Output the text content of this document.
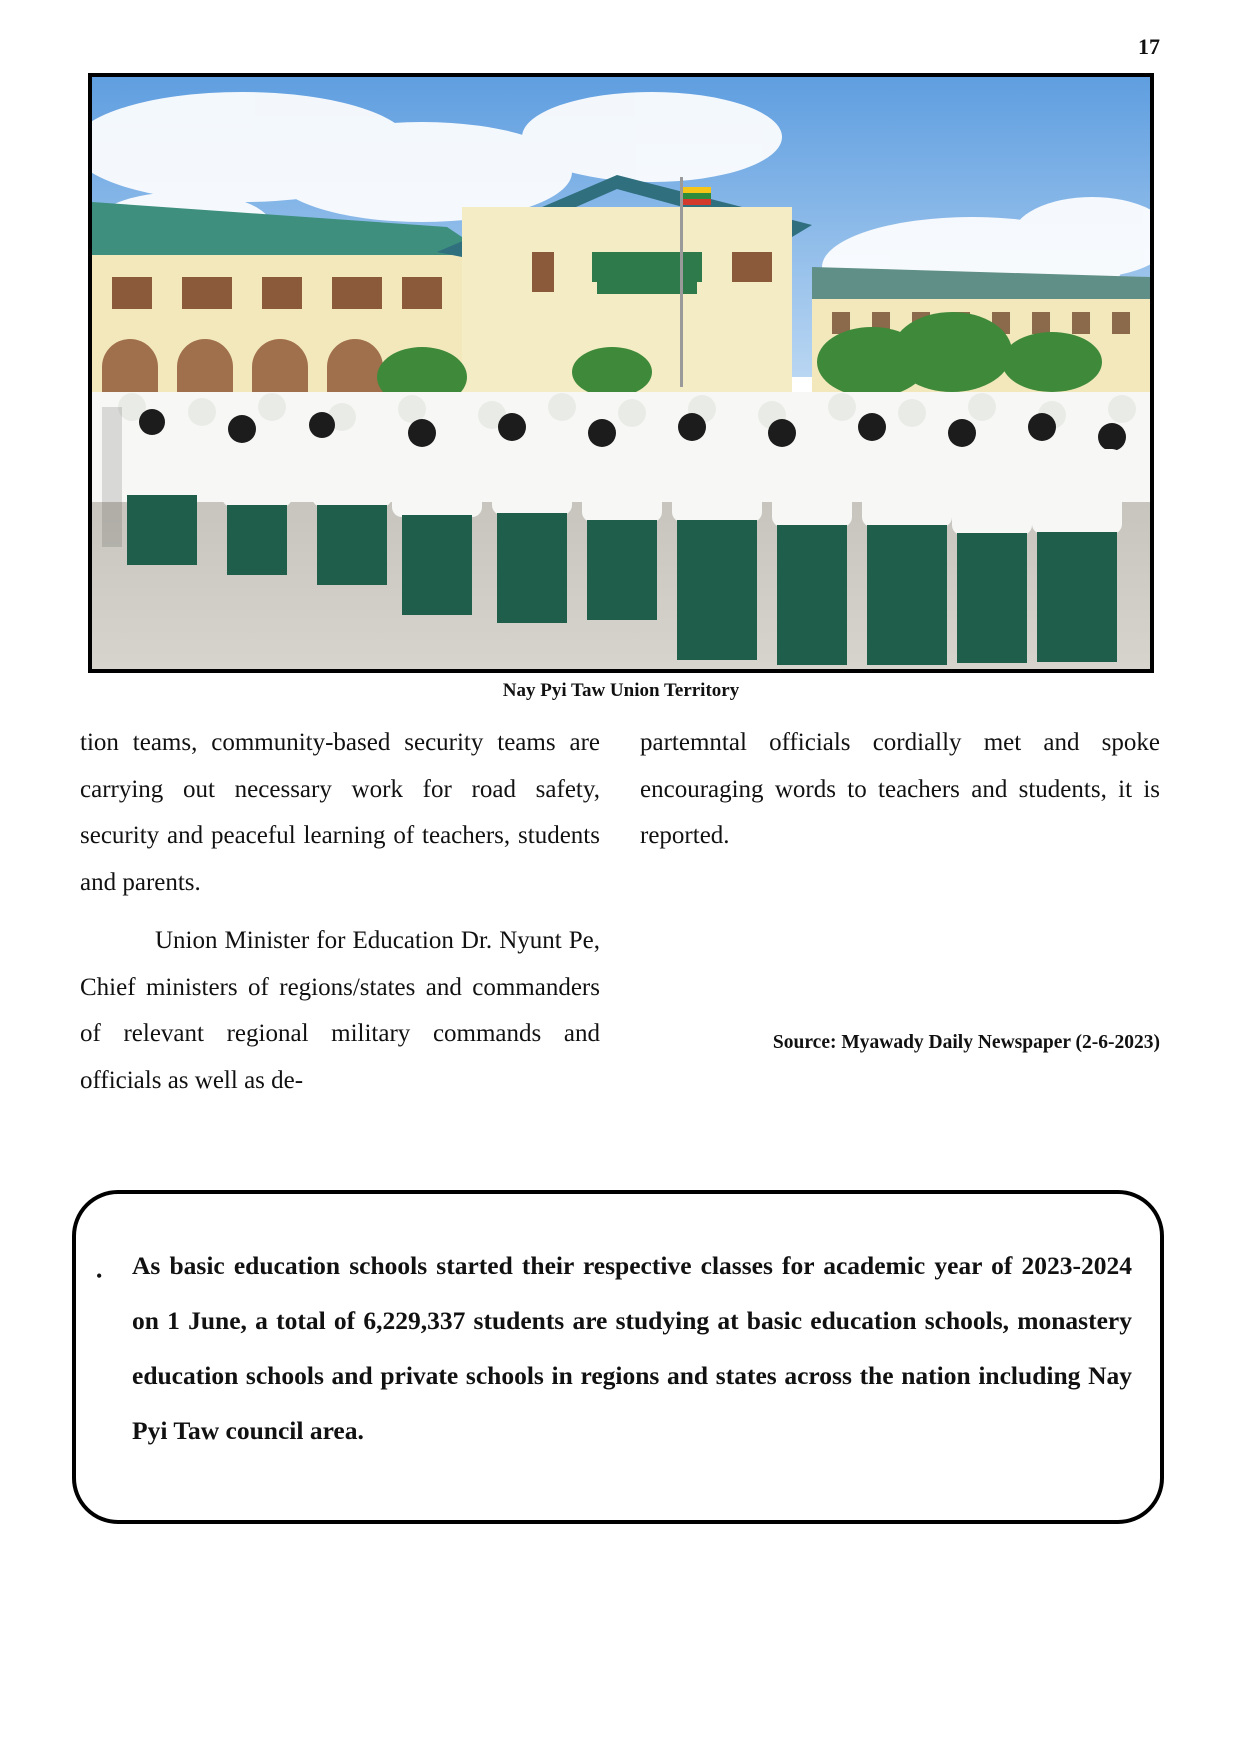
17
Nay Pyi Taw Union Territory

tion teams, community-based security teams are carrying out necessary work for road safety, security and peaceful learning of teachers, students and parents.

Union Minister for Education Dr. Nyunt Pe, Chief ministers of regions/states and commanders of relevant regional military commands and officials as well as de-

partemntal officials cordially met and spoke encouraging words to teachers and students, it is reported.

Source: Myawady Daily Newspaper (2-6-2023)
• As basic education schools started their respective classes for academic year of 2023-2024 on 1 June, a total of 6,229,337 students are studying at basic education schools, monastery education schools and private schools in regions and states across the nation including Nay Pyi Taw council area.
